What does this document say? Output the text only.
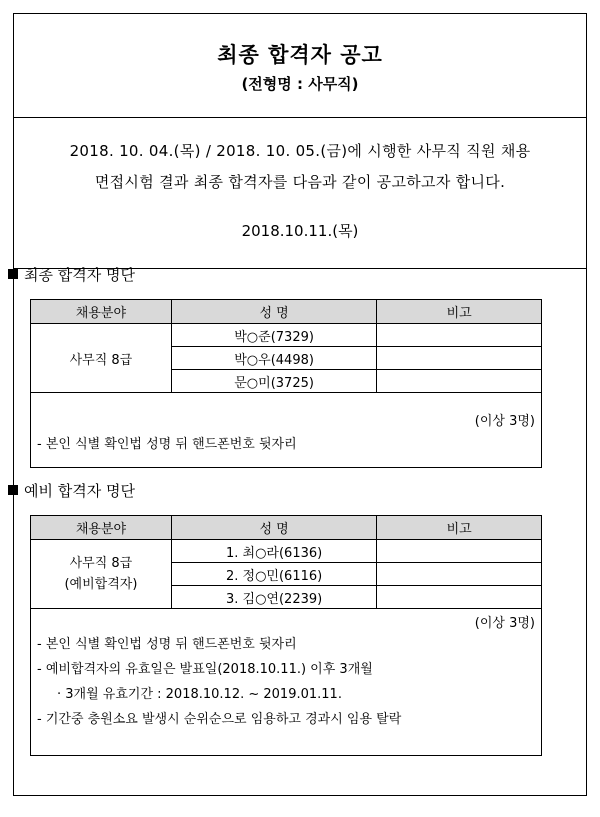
최종 합격자 공고
(전형명 : 사무직)
2018. 10. 04.(목) / 2018. 10. 05.(금)에 시행한 사무직 직원 채용
면접시험 결과 최종 합격자를 다음과 같이 공고하고자 합니다.
2018.10.11.(목)
최종 합격자 명단
채용분야	성 명	비고
사무직 8급	박○준(7329)	
	박○우(4498)	
	문○미(3725)	
(이상 3명)
- 본인 식별 확인법 성명 뒤 핸드폰번호 뒷자리
예비 합격자 명단
채용분야	성 명	비고

사무직 8급
(예비합격자)	1. 최○라(6136)	
	2. 정○민(6116)	
	3. 김○연(2239)	
(이상 3명)
- 본인 식별 확인법 성명 뒤 핸드폰번호 뒷자리
- 예비합격자의 유효일은 발표일(2018.10.11.) 이후 3개월
· 3개월 유효기간 : 2018.10.12. ~ 2019.01.11.
- 기간중 충원소요 발생시 순위순으로 임용하고 경과시 임용 탈락
